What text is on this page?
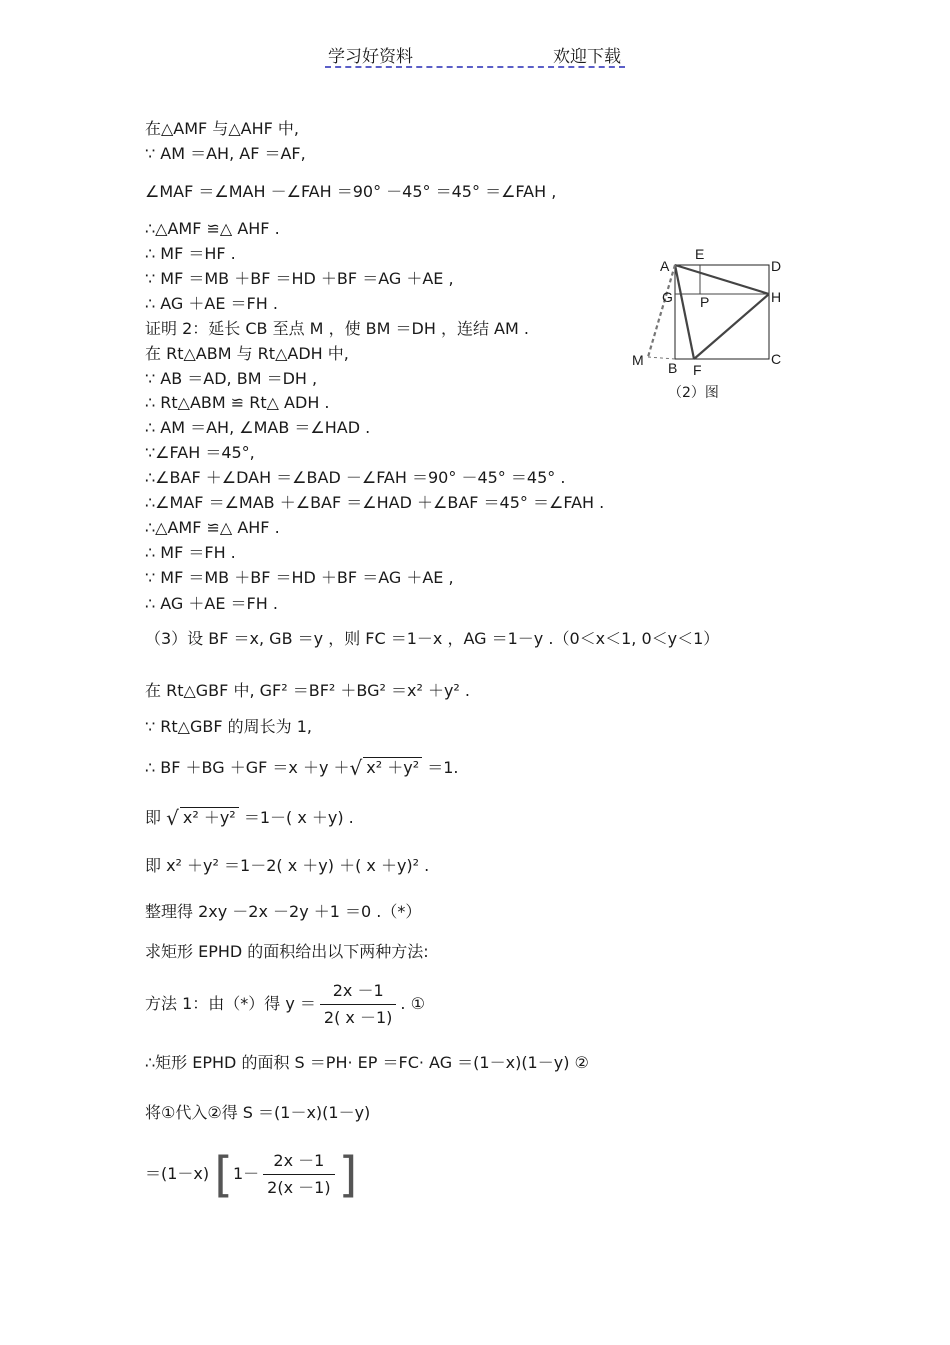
学习好资料	欢迎下载
在△AMF 与△AHF 中,
∵ AM ＝AH, AF ＝AF,
∠MAF ＝∠MAH －∠FAH ＝90° －45° ＝45° ＝∠FAH ,
∴△AMF ≌△ AHF .
∴ MF ＝HF .
∵ MF ＝MB ＋BF ＝HD ＋BF ＝AG ＋AE ,
∴ AG ＋AE ＝FH .
证明 2：延长 CB 至点 M ，使 BM ＝DH ，连结 AM .
在 Rt△ABM 与 Rt△ADH 中,
∵ AB ＝AD, BM ＝DH ,
∴ Rt△ABM ≌ Rt△ ADH .
∴ AM ＝AH, ∠MAB ＝∠HAD .
∵∠FAH ＝45°,
∴∠BAF ＋∠DAH ＝∠BAD －∠FAH ＝90° －45° ＝45° .
∴∠MAF ＝∠MAB ＋∠BAF ＝∠HAD ＋∠BAF ＝45° ＝∠FAH .
∴△AMF ≌△ AHF .
∴ MF ＝FH .
∵ MF ＝MB ＋BF ＝HD ＋BF ＝AG ＋AE ,
∴ AG ＋AE ＝FH .
（3）设 BF ＝x, GB ＝y ，则 FC ＝1－x ，AG ＝1－y .（0＜x＜1, 0＜y＜1）
在 Rt△GBF 中, GF² ＝BF² ＋BG² ＝x² ＋y² .
∵ Rt△GBF 的周长为 1,
∴ BF ＋BG ＋GF ＝x ＋y ＋√ x² ＋y² ＝1.
即 √ x² ＋y² ＝1－( x ＋y) .
即 x² ＋y² ＝1－2( x ＋y) ＋( x ＋y)² .
整理得 2xy －2x －2y ＋1 ＝0 .（*）
求矩形 EPHD 的面积给出以下两种方法:
方法 1：由（*）得 $y = \frac{2x -1}{2( x -1)}$ . ①
∴矩形 EPHD 的面积 S ＝PH· EP ＝FC· AG ＝(1－x)(1－y) ②
将①代入②得 S ＝(1－x)(1－y)
＝(1－x) [$1- \frac{2x -1}{2(x -1)}$ ]
A
E
D
G P	H
M B F
C
（2）图
